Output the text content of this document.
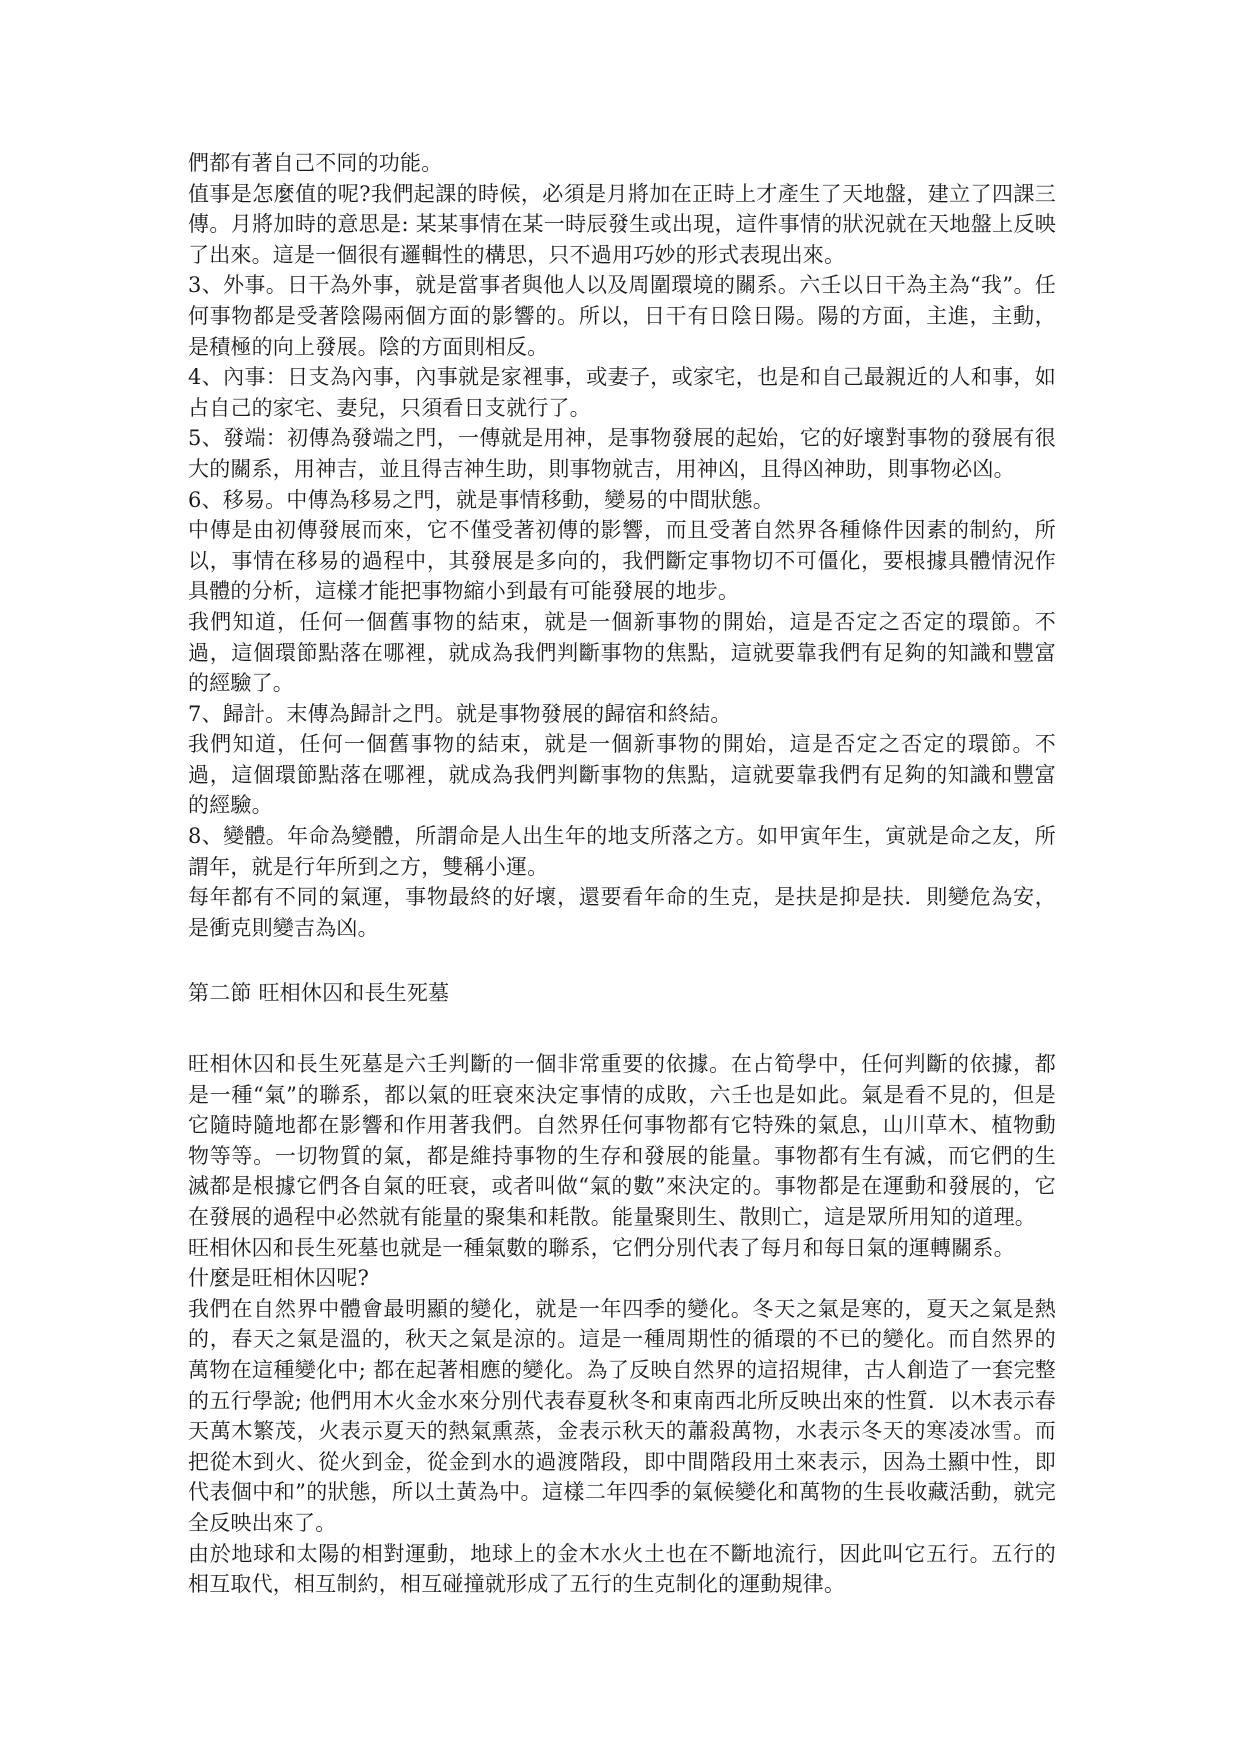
們都有著自己不同的功能。

值事是怎麼值的呢?我們起課的時候，必須是月將加在正時上才產生了天地盤，建立了四課三傳。月將加時的意思是: 某某事情在某一時辰發生或出現，這件事情的狀況就在天地盤上反映了出來。這是一個很有邏輯性的構思，只不過用巧妙的形式表現出來。

3、外事。日干為外事，就是當事者與他人以及周圍環境的關系。六壬以日干為主為“我”。任何事物都是受著陰陽兩個方面的影響的。所以，日干有日陰日陽。陽的方面，主進，主動，是積極的向上發展。陰的方面則相反。

4、內事：日支為內事，內事就是家裡事，或妻子，或家宅，也是和自己最親近的人和事，如占自己的家宅、妻兒，只須看日支就行了。

5、發端：初傳為發端之門，一傳就是用神，是事物發展的起始，它的好壞對事物的發展有很大的關系，用神吉，並且得吉神生助，則事物就吉，用神凶，且得凶神助，則事物必凶。

6、移易。中傳為移易之門，就是事情移動，變易的中間狀態。

中傳是由初傳發展而來，它不僅受著初傳的影響，而且受著自然界各種條件因素的制約，所以，事情在移易的過程中，其發展是多向的，我們斷定事物切不可僵化，要根據具體情況作具體的分析，這樣才能把事物縮小到最有可能發展的地步。

我們知道，任何一個舊事物的結束，就是一個新事物的開始，這是否定之否定的環節。不過，這個環節點落在哪裡，就成為我們判斷事物的焦點，這就要靠我們有足夠的知識和豐富的經驗了。

7、歸計。末傳為歸計之門。就是事物發展的歸宿和終結。

我們知道，任何一個舊事物的結束，就是一個新事物的開始，這是否定之否定的環節。不過，這個環節點落在哪裡，就成為我們判斷事物的焦點，這就要靠我們有足夠的知識和豐富的經驗。

8、變體。年命為變體，所謂命是人出生年的地支所落之方。如甲寅年生，寅就是命之友，所謂年，就是行年所到之方，雙稱小運。

每年都有不同的氣運，事物最終的好壞，還要看年命的生克，是扶是抑是扶．則變危為安，是衝克則變吉為凶。

第二節 旺相休囚和長生死墓

旺相休囚和長生死墓是六壬判斷的一個非常重要的依據。在占筍學中，任何判斷的依據，都是一種“氣”的聯系，都以氣的旺衰來決定事情的成敗，六壬也是如此。氣是看不見的，但是它隨時隨地都在影響和作用著我們。自然界任何事物都有它特殊的氣息，山川草木、植物動物等等。一切物質的氣，都是維持事物的生存和發展的能量。事物都有生有滅，而它們的生滅都是根據它們各自氣的旺衰，或者叫做“氣的數”來決定的。事物都是在運動和發展的，它在發展的過程中必然就有能量的聚集和耗散。能量聚則生、散則亡，這是眾所用知的道理。

旺相休囚和長生死墓也就是一種氣數的聯系，它們分別代表了每月和每日氣的運轉關系。

什麼是旺相休囚呢?

我們在自然界中體會最明顯的變化，就是一年四季的變化。冬天之氣是寒的，夏天之氣是熱的，春天之氣是溫的，秋天之氣是涼的。這是一種周期性的循環的不已的變化。而自然界的萬物在這種變化中; 都在起著相應的變化。為了反映自然界的這招規律，古人創造了一套完整的五行學說; 他們用木火金水來分別代表春夏秋冬和東南西北所反映出來的性質．以木表示春天萬木繁茂，火表示夏天的熱氣熏蒸，金表示秋天的蕭殺萬物，水表示冬天的寒凌冰雪。而把從木到火、從火到金，從金到水的過渡階段，即中間階段用土來表示，因為土顯中性，即代表個中和”的狀態，所以土黃為中。這樣二年四季的氣候變化和萬物的生長收藏活動，就完全反映出來了。

由於地球和太陽的相對運動，地球上的金木水火土也在不斷地流行，因此叫它五行。五行的相互取代，相互制約，相互碰撞就形成了五行的生克制化的運動規律。
